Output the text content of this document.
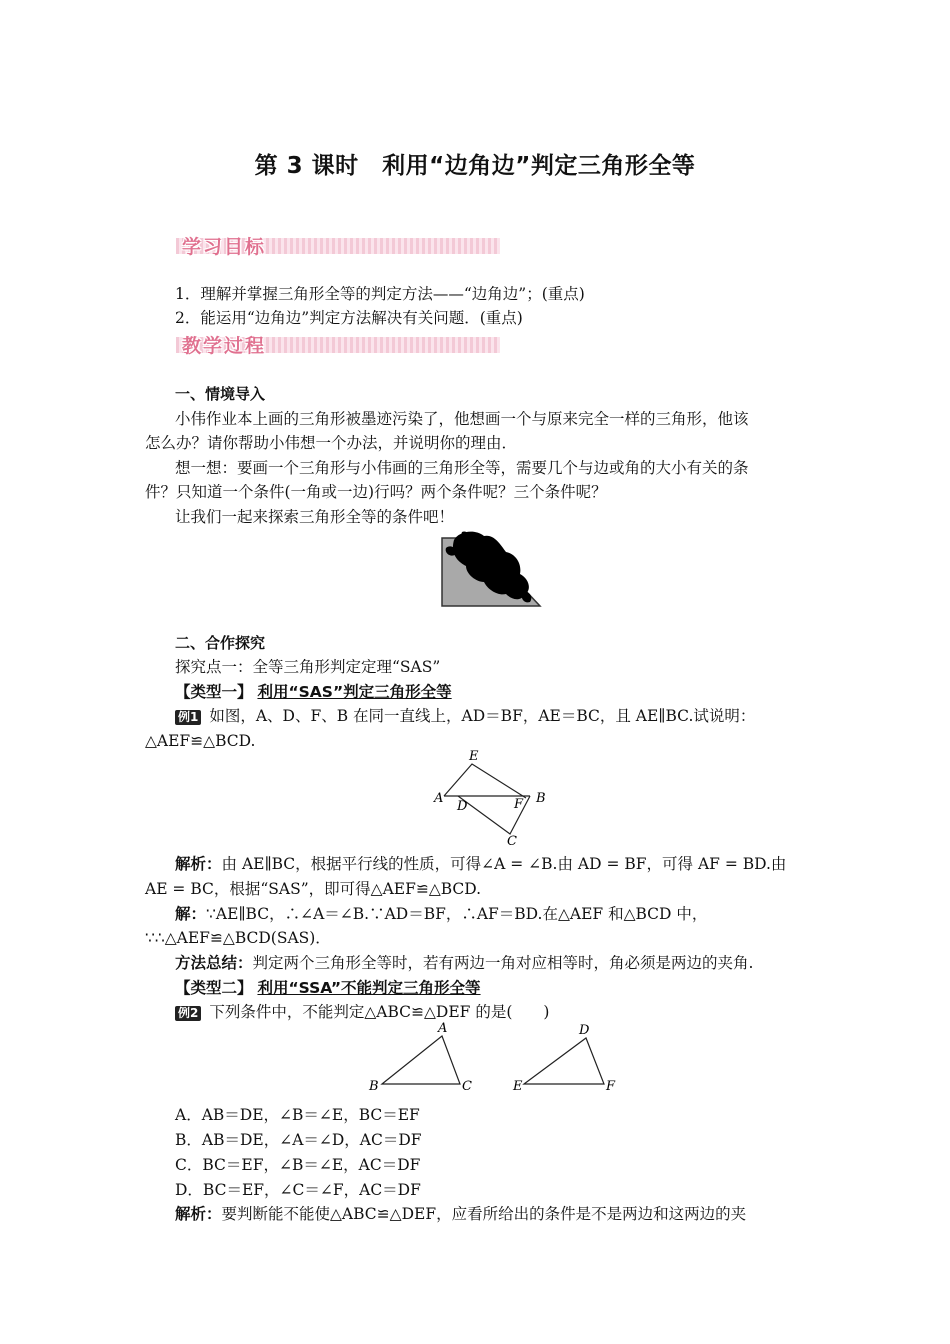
第 3 课时　利用“边角边”判定三角形全等
学习目标
1．理解并掌握三角形全等的判定方法——“边角边”；(重点)
2．能运用“边角边”判定方法解决有关问题．(重点)
教学过程
一、情境导入
小伟作业本上画的三角形被墨迹污染了，他想画一个与原来完全一样的三角形，他该
怎么办？请你帮助小伟想一个办法，并说明你的理由．
想一想：要画一个三角形与小伟画的三角形全等，需要几个与边或角的大小有关的条
件？只知道一个条件(一角或一边)行吗？两个条件呢？三个条件呢？
让我们一起来探索三角形全等的条件吧！
二、合作探究
探究点一：全等三角形判定定理“SAS”
【类型一】 利用“SAS”判定三角形全等
例1 如图，A、D、F、B 在同一直线上，AD＝BF，AE＝BC，且 AE∥BC.试说明：
△AEF≌△BCD.
E
A
D	F B
C
解析：由 AE∥BC，根据平行线的性质，可得∠A = ∠B.由 AD = BF，可得 AF = BD.由
AE = BC，根据“SAS”，即可得△AEF≌△BCD.
解：∵AE∥BC，∴∠A＝∠B.∵AD＝BF，∴AF＝BD.在△AEF 和△BCD 中，
∵∴△AEF≌△BCD(SAS)．
方法总结：判定两个三角形全等时，若有两边一角对应相等时，角必须是两边的夹角.
【类型二】 利用“SSA”不能判定三角形全等
例2 下列条件中，不能判定△ABC≌△DEF 的是(　　)
A
B	C
D
E	F
A．AB＝DE，∠B＝∠E，BC＝EF
B．AB＝DE，∠A＝∠D，AC＝DF
C．BC＝EF，∠B＝∠E，AC＝DF
D．BC＝EF，∠C＝∠F，AC＝DF
解析：要判断能不能使△ABC≌△DEF，应看所给出的条件是不是两边和这两边的夹
